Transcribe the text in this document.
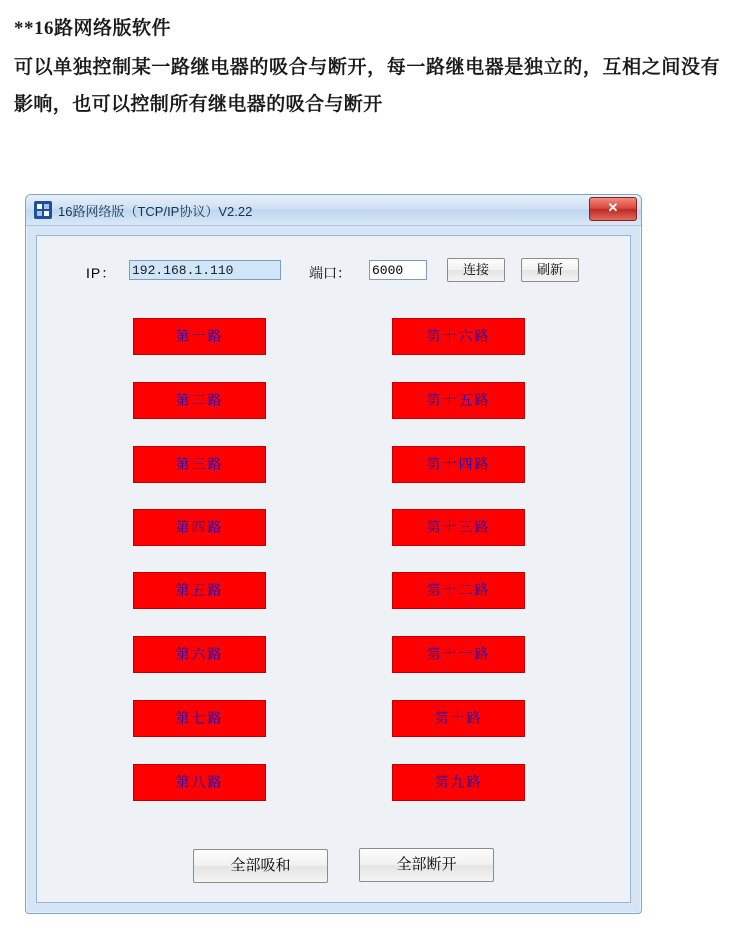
**16路网络版软件
可以单独控制某一路继电器的吸合与断开，每一路继电器是独立的，互相之间没有影响，也可以控制所有继电器的吸合与断开
16路网络版（TCP/IP协议）V2.22	✕
IP：
192.168.1.110	端口：
6000	连接	刷新
第一路
第二路
第三路
第四路
第五路
第六路
第七路
第八路
第十六路
第十五路
第十四路
第十三路
第十二路
第十一路
第十路
第九路
全部吸和	全部断开
